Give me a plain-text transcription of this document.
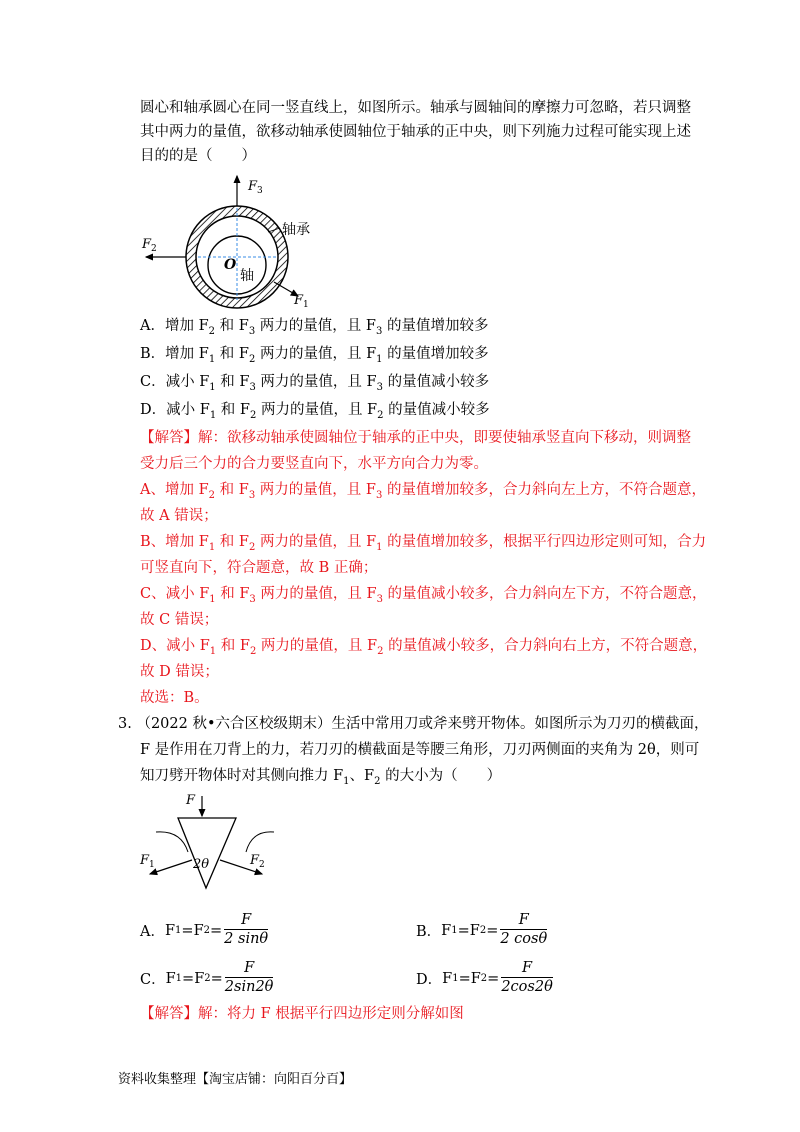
圆心和轴承圆心在同一竖直线上，如图所示。轴承与圆轴间的摩擦力可忽略，若只调整
其中两力的量值，欲移动轴承使圆轴位于轴承的正中央，则下列施力过程可能实现上述
目的的是（　　）
$F_3$
$F_2$
$F_1$
轴承
轴
O
A．增加 $F_2$ 和 $F_3$ 两力的量值，且 $F_3$ 的量值增加较多
B．增加 $F_1$ 和 $F_2$ 两力的量值，且 $F_1$ 的量值增加较多
C．减小 $F_1$ 和 $F_3$ 两力的量值，且 $F_3$ 的量值减小较多
D．减小 $F_1$ 和 $F_2$ 两力的量值，且 $F_2$ 的量值减小较多
【解答】解：欲移动轴承使圆轴位于轴承的正中央，即要使轴承竖直向下移动，则调整
受力后三个力的合力要竖直向下，水平方向合力为零。
A、增加 $F_2$ 和 $F_3$ 两力的量值，且 $F_3$ 的量值增加较多，合力斜向左上方，不符合题意，
故 A 错误；
B、增加 $F_1$ 和 $F_2$ 两力的量值，且 $F_1$ 的量值增加较多，根据平行四边形定则可知，合力
可竖直向下，符合题意，故 B 正确；
C、减小 $F_1$ 和 $F_3$ 两力的量值，且 $F_3$ 的量值减小较多，合力斜向左下方，不符合题意，
故 C 错误；
D、减小 $F_1$ 和 $F_2$ 两力的量值，且 $F_2$ 的量值减小较多，合力斜向右上方，不符合题意，
故 D 错误；
故选：B。
3. （2022 秋•六合区校级期末）生活中常用刀或斧来劈开物体。如图所示为刀刃的横截面，
F 是作用在刀背上的力，若刀刃的横截面是等腰三角形，刀刃两侧面的夹角为 2θ，则可
知刀劈开物体时对其侧向推力 $F_1$、$F_2$ 的大小为（　　）
F
$F_1$	$F_2$
2θ
A． F 1 =F $2 = \frac{F}{2 \sin\theta}$	B． F 1 =F $2 = \frac{F}{2 \cos\theta}$
C． F 1 =F $2 = \frac{F}{2\sin 2\theta}$	D． F 1 =F $2 = \frac{F}{2\cos 2\theta}$
【解答】解：将力 F 根据平行四边形定则分解如图
资料收集整理【淘宝店铺：向阳百分百】
